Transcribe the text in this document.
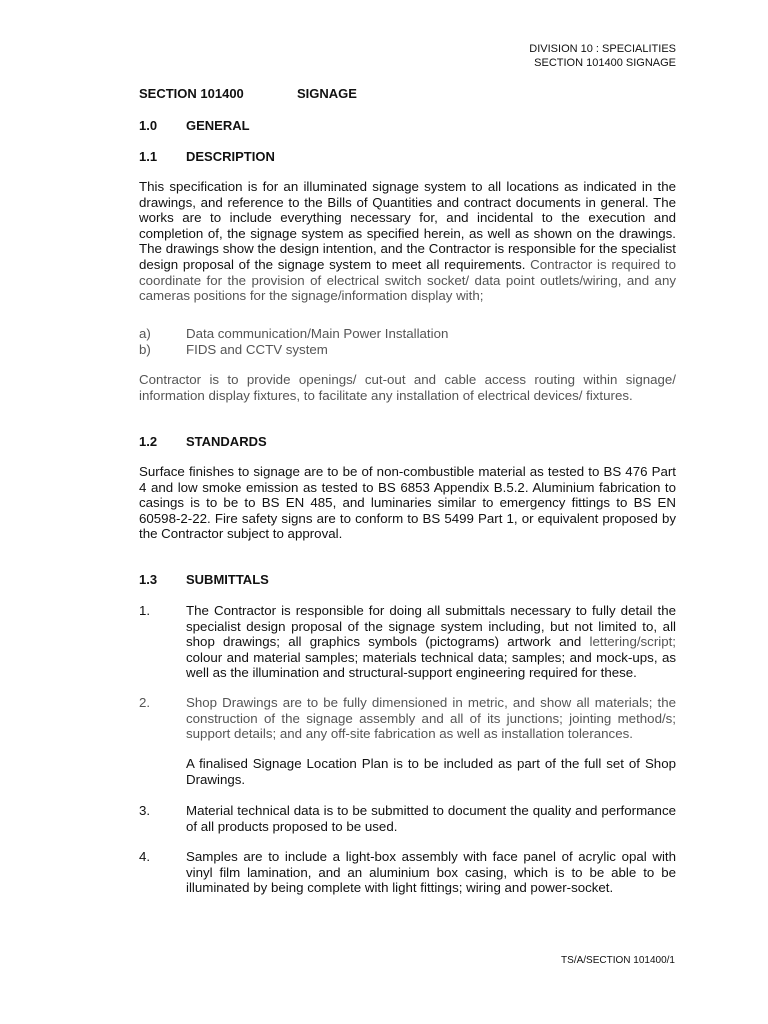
DIVISION 10 : SPECIALITIES
SECTION 101400 SIGNAGE
SECTION 101400	SIGNAGE
1.0 GENERAL
1.1 DESCRIPTION
This specification is for an illuminated signage system to all locations as indicated in the drawings, and reference to the Bills of Quantities and contract documents in general. The works are to include everything necessary for, and incidental to the execution and completion of, the signage system as specified herein, as well as shown on the drawings. The drawings show the design intention, and the Contractor is responsible for the specialist design proposal of the signage system to meet all requirements. Contractor is required to coordinate for the provision of electrical switch socket/ data point outlets/wiring, and any cameras positions for the signage/information display with;
a)	Data communication/Main Power Installation
b)	FIDS and CCTV system
Contractor is to provide openings/ cut-out and cable access routing within signage/ information display fixtures, to facilitate any installation of electrical devices/ fixtures.
1.2 STANDARDS
Surface finishes to signage are to be of non-combustible material as tested to BS 476 Part 4 and low smoke emission as tested to BS 6853 Appendix B.5.2. Aluminium fabrication to casings is to be to BS EN 485, and luminaries similar to emergency fittings to BS EN 60598-2-22. Fire safety signs are to conform to BS 5499 Part 1, or equivalent proposed by the Contractor subject to approval.
1.3 SUBMITTALS
1.	The Contractor is responsible for doing all submittals necessary to fully detail the specialist design proposal of the signage system including, but not limited to, all shop drawings; all graphics symbols (pictograms) artwork and lettering/script; colour and material samples; materials technical data; samples; and mock-ups, as well as the illumination and structural-support engineering required for these.
2.	Shop Drawings are to be fully dimensioned in metric, and show all materials; the construction of the signage assembly and all of its junctions; jointing method/s; support details; and any off-site fabrication as well as installation tolerances.
A finalised Signage Location Plan is to be included as part of the full set of Shop Drawings.
3.	Material technical data is to be submitted to document the quality and performance of all products proposed to be used.
4.	Samples are to include a light-box assembly with face panel of acrylic opal with vinyl film lamination, and an aluminium box casing, which is to be able to be illuminated by being complete with light fittings; wiring and power-socket.
TS/A/SECTION 101400/1
